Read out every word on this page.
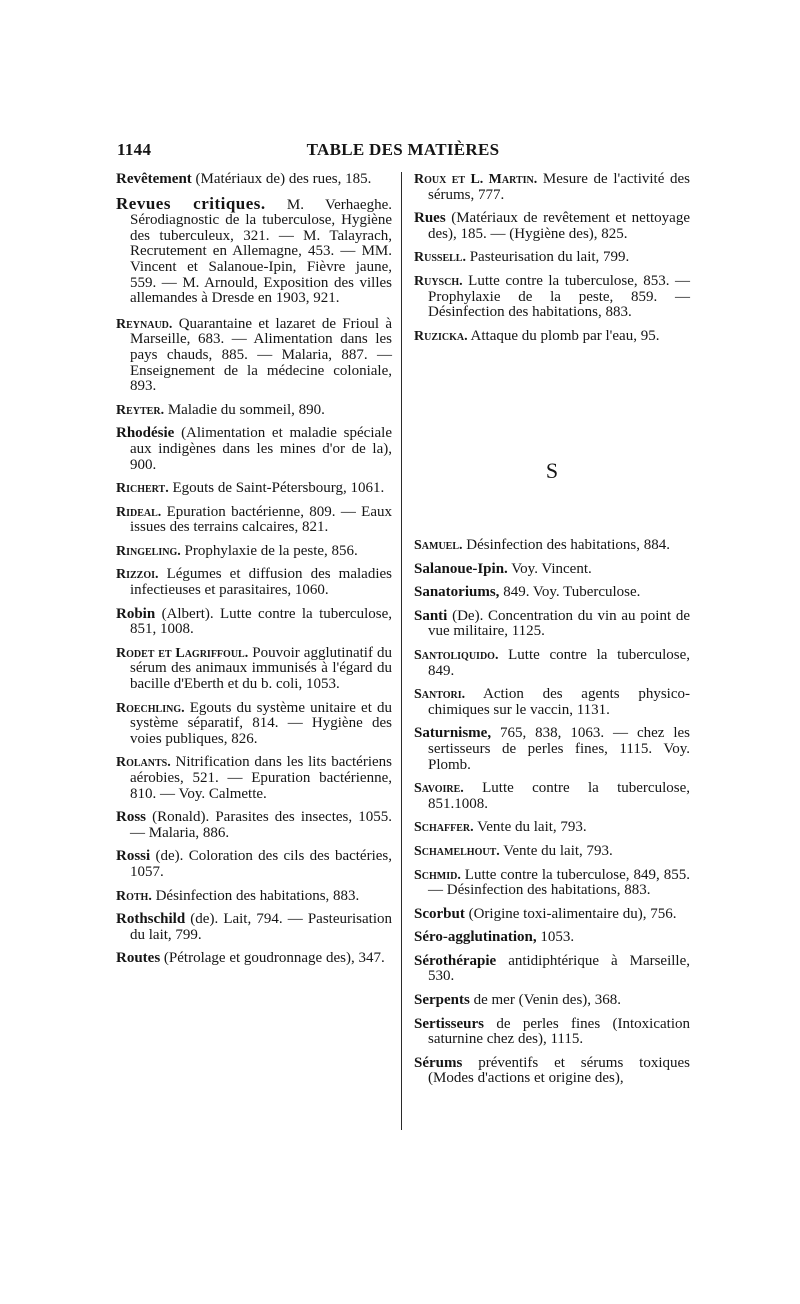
1144	TABLE DES MATIÈRES

Revêtement (Matériaux de) des rues, 185.

Revues critiques. M. Verhaeghe. Sérodiagnostic de la tuberculose, Hygiène des tuberculeux, 321. — M. Talayrach, Recrutement en Allemagne, 453. — MM. Vincent et Salanoue-Ipin, Fièvre jaune, 559. — M. Arnould, Exposition des villes allemandes à Dresde en 1903, 921.

Reynaud. Quarantaine et lazaret de Frioul à Marseille, 683. — Alimentation dans les pays chauds, 885. — Malaria, 887. — Enseignement de la médecine coloniale, 893.

Reyter. Maladie du sommeil, 890.

Rhodésie (Alimentation et maladie spéciale aux indigènes dans les mines d'or de la), 900.

Richert. Egouts de Saint-Pétersbourg, 1061.

Rideal. Epuration bactérienne, 809. — Eaux issues des terrains calcaires, 821.

Ringeling. Prophylaxie de la peste, 856.

Rizzoi. Légumes et diffusion des maladies infectieuses et parasitaires, 1060.

Robin (Albert). Lutte contre la tuberculose, 851, 1008.

Rodet et Lagriffoul. Pouvoir agglutinatif du sérum des animaux immunisés à l'égard du bacille d'Eberth et du b. coli, 1053.

Roechling. Egouts du système unitaire et du système séparatif, 814. — Hygiène des voies publiques, 826.

Rolants. Nitrification dans les lits bactériens aérobies, 521. — Epuration bactérienne, 810. — Voy. Calmette.

Ross (Ronald). Parasites des insectes, 1055. — Malaria, 886.

Rossi (de). Coloration des cils des bactéries, 1057.

Roth. Désinfection des habitations, 883.

Rothschild (de). Lait, 794. — Pasteurisation du lait, 799.

Routes (Pétrolage et goudronnage des), 347.

Roux et L. Martin. Mesure de l'activité des sérums, 777.

Rues (Matériaux de revêtement et nettoyage des), 185. — (Hygiène des), 825.

Russell. Pasteurisation du lait, 799.

Ruysch. Lutte contre la tuberculose, 853. — Prophylaxie de la peste, 859. — Désinfection des habitations, 883.

Ruzicka. Attaque du plomb par l'eau, 95.

S

Samuel. Désinfection des habitations, 884.

Salanoue-Ipin. Voy. Vincent.

Sanatoriums, 849. Voy. Tuberculose.

Santi (De). Concentration du vin au point de vue militaire, 1125.

Santoliquido. Lutte contre la tuberculose, 849.

Santori. Action des agents physico-chimiques sur le vaccin, 1131.

Saturnisme, 765, 838, 1063. — chez les sertisseurs de perles fines, 1115. Voy. Plomb.

Savoire. Lutte contre la tuberculose, 851.1008.

Schaffer. Vente du lait, 793.

Schamelhout. Vente du lait, 793.

Schmid. Lutte contre la tuberculose, 849, 855. — Désinfection des habitations, 883.

Scorbut (Origine toxi-alimentaire du), 756.

Séro-agglutination, 1053.

Sérothérapie antidiphtérique à Marseille, 530.

Serpents de mer (Venin des), 368.

Sertisseurs de perles fines (Intoxication saturnine chez des), 1115.

Sérums préventifs et sérums toxiques (Modes d'actions et origine des),
